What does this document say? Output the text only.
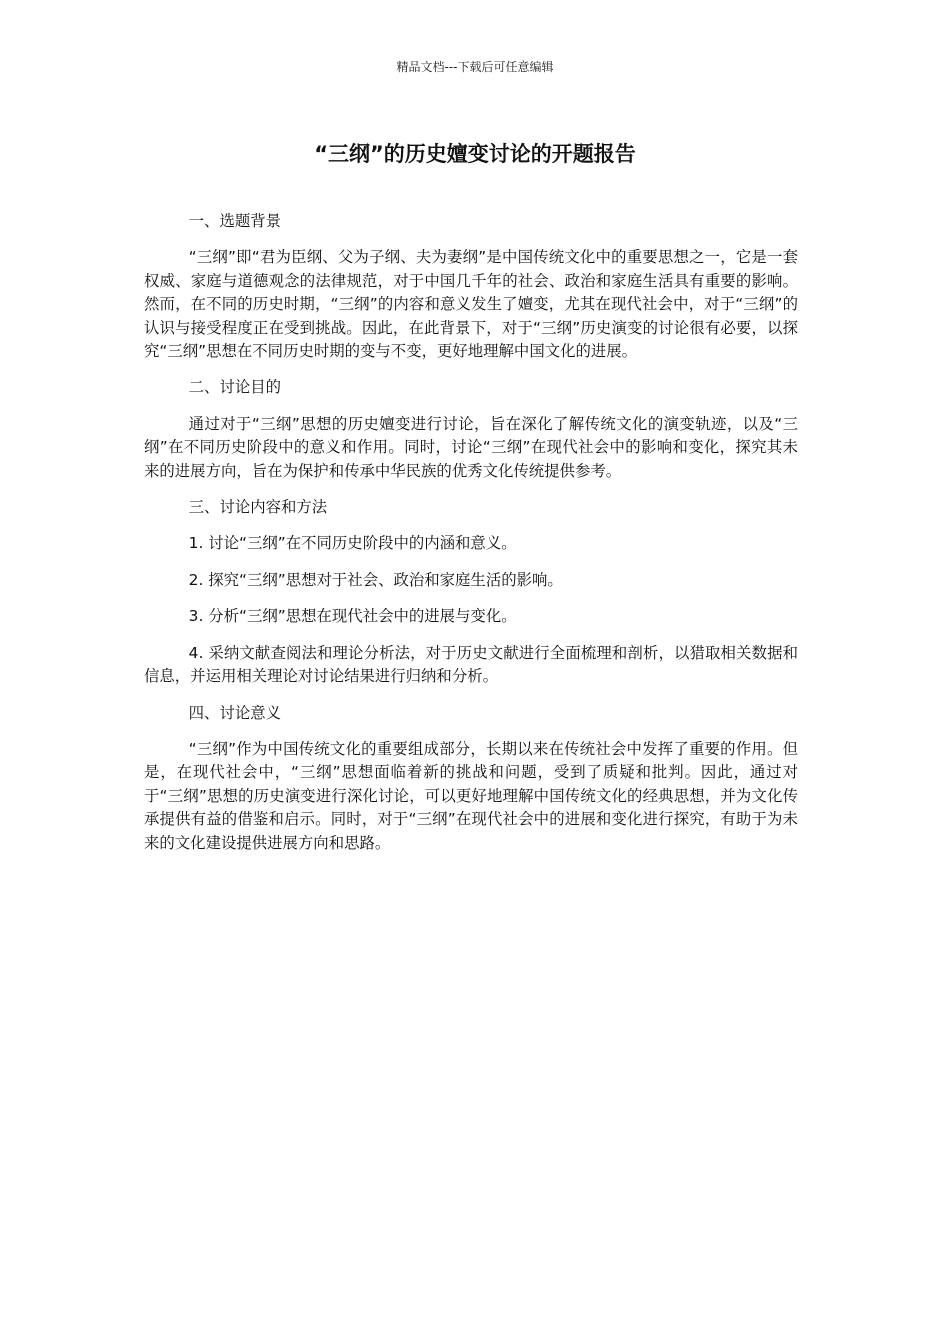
精品文档---下载后可任意编辑
“三纲”的历史嬗变讨论的开题报告

一、选题背景

“三纲”即“君为臣纲、父为子纲、夫为妻纲”是中国传统文化中的重要思想之一，它是一套权威、家庭与道德观念的法律规范，对于中国几千年的社会、政治和家庭生活具有重要的影响。然而，在不同的历史时期，“三纲”的内容和意义发生了嬗变，尤其在现代社会中，对于“三纲”的认识与接受程度正在受到挑战。因此，在此背景下，对于“三纲”历史演变的讨论很有必要，以探究“三纲”思想在不同历史时期的变与不变，更好地理解中国文化的进展。

二、讨论目的

通过对于“三纲”思想的历史嬗变进行讨论，旨在深化了解传统文化的演变轨迹，以及“三纲”在不同历史阶段中的意义和作用。同时，讨论“三纲”在现代社会中的影响和变化，探究其未来的进展方向，旨在为保护和传承中华民族的优秀文化传统提供参考。

三、讨论内容和方法

1. 讨论“三纲”在不同历史阶段中的内涵和意义。

2. 探究“三纲”思想对于社会、政治和家庭生活的影响。

3. 分析“三纲”思想在现代社会中的进展与变化。

4. 采纳文献查阅法和理论分析法，对于历史文献进行全面梳理和剖析，以猎取相关数据和信息，并运用相关理论对讨论结果进行归纳和分析。

四、讨论意义

“三纲”作为中国传统文化的重要组成部分，长期以来在传统社会中发挥了重要的作用。但是，在现代社会中，“三纲”思想面临着新的挑战和问题，受到了质疑和批判。因此，通过对于“三纲”思想的历史演变进行深化讨论，可以更好地理解中国传统文化的经典思想，并为文化传承提供有益的借鉴和启示。同时，对于“三纲”在现代社会中的进展和变化进行探究，有助于为未来的文化建设提供进展方向和思路。
